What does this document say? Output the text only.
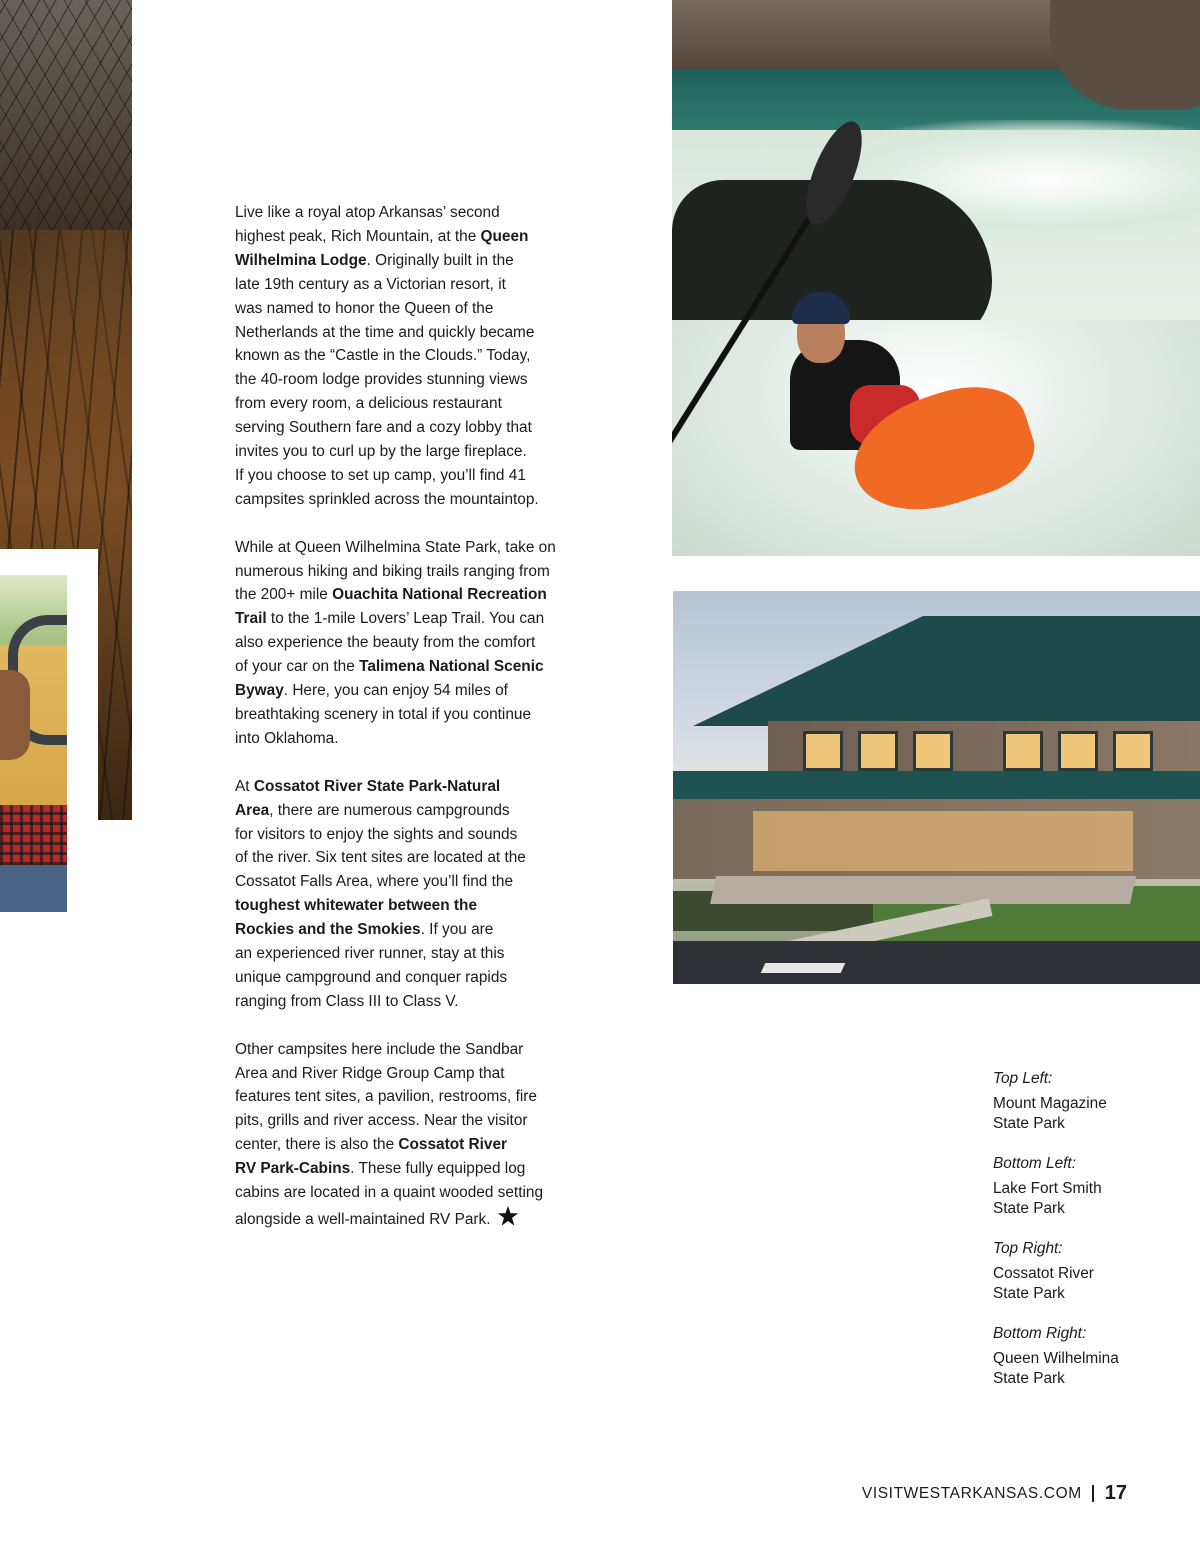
Live like a royal atop Arkansas’ second
highest peak, Rich Mountain, at the Queen
Wilhelmina Lodge. Originally built in the
late 19th century as a Victorian resort, it
was named to honor the Queen of the
Netherlands at the time and quickly became
known as the “Castle in the Clouds.” Today,
the 40-room lodge provides stunning views
from every room, a delicious restaurant
serving Southern fare and a cozy lobby that
invites you to curl up by the large fireplace.
If you choose to set up camp, you’ll find 41
campsites sprinkled across the mountaintop.

While at Queen Wilhelmina State Park, take on
numerous hiking and biking trails ranging from
the 200+ mile Ouachita National Recreation
Trail to the 1-mile Lovers’ Leap Trail. You can
also experience the beauty from the comfort
of your car on the Talimena National Scenic
Byway. Here, you can enjoy 54 miles of
breathtaking scenery in total if you continue
into Oklahoma.

At Cossatot River State Park-Natural
Area, there are numerous campgrounds
for visitors to enjoy the sights and sounds
of the river. Six tent sites are located at the
Cossatot Falls Area, where you’ll find the
toughest whitewater between the
Rockies and the Smokies. If you are
an experienced river runner, stay at this
unique campground and conquer rapids
ranging from Class III to Class V.

Other campsites here include the Sandbar
Area and River Ridge Group Camp that
features tent sites, a pavilion, restrooms, fire
pits, grills and river access. Near the visitor
center, there is also the Cossatot River
RV Park-Cabins. These fully equipped log
cabins are located in a quaint wooded setting
alongside a well-maintained RV Park.

Top Left:
Mount Magazine
State Park
Bottom Left:
Lake Fort Smith
State Park
Top Right:
Cossatot River
State Park
Bottom Right:
Queen Wilhelmina
State Park
VISITWESTARKANSAS.COM 17
